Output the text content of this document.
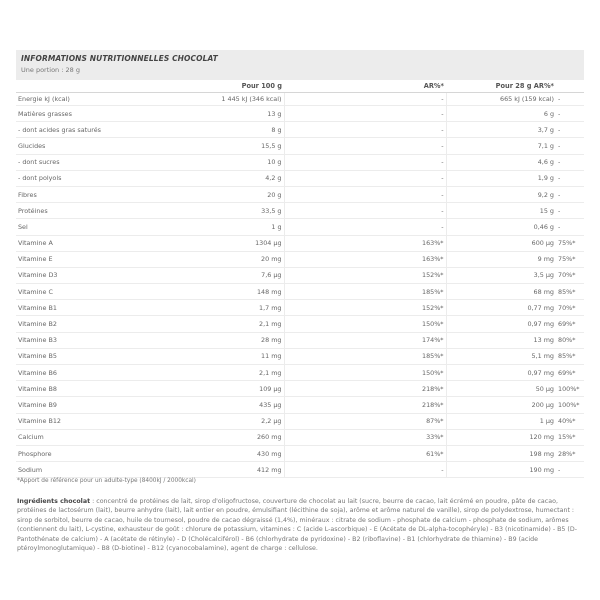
INFORMATIONS NUTRITIONNELLES CHOCOLAT
Une portion : 28 g
	Pour 100 g	AR%*	Pour 28 g AR%*	
Energie kJ (kcal)	1 445 kJ (346 kcal)	-	665 kJ (159 kcal)	-
Matières grasses	13 g	-	6 g	-
- dont acides gras saturés	8 g	-	3,7 g	-
Glucides	15,5 g	-	7,1 g	-
- dont sucres	10 g	-	4,6 g	-
- dont polyols	4,2 g	-	1,9 g	-
Fibres	20 g	-	9,2 g	-
Protéines	33,5 g	-	15 g	-
Sel	1 g	-	0,46 g	-
Vitamine A	1304 µg	163%*	600 µg	75%*
Vitamine E	20 mg	163%*	9 mg	75%*
Vitamine D3	7,6 µg	152%*	3,5 µg	70%*
Vitamine C	148 mg	185%*	68 mg	85%*
Vitamine B1	1,7 mg	152%*	0,77 mg	70%*
Vitamine B2	2,1 mg	150%*	0,97 mg	69%*
Vitamine B3	28 mg	174%*	13 mg	80%*
Vitamine B5	11 mg	185%*	5,1 mg	85%*
Vitamine B6	2,1 mg	150%*	0,97 mg	69%*
Vitamine B8	109 µg	218%*	50 µg	100%*
Vitamine B9	435 µg	218%*	200 µg	100%*
Vitamine B12	2,2 µg	87%*	1 µg	40%*
Calcium	260 mg	33%*	120 mg	15%*
Phosphore	430 mg	61%*	198 mg	28%*
Sodium	412 mg	-	190 mg	-
*Apport de référence pour un adulte-type (8400kJ / 2000kcal)
Ingrédients chocolat : concentré de protéines de lait, sirop d'oligofructose, couverture de chocolat au lait (sucre, beurre de cacao, lait écrémé en poudre, pâte de cacao, protéines de lactosérum (lait), beurre anhydre (lait), lait entier en poudre, émulsifiant (lécithine de soja), arôme et arôme naturel de vanille), sirop de polydextrose, humectant : sirop de sorbitol, beurre de cacao, huile de tournesol, poudre de cacao dégraissé (1,4%), minéraux : citrate de sodium - phosphate de calcium - phosphate de sodium, arômes (contiennent du lait), L-cystine, exhausteur de goût : chlorure de potassium, vitamines : C (acide L-ascorbique) - E (Acétate de DL-alpha-tocophéryle) - B3 (nicotinamide) - B5 (D-Pantothénate de calcium) - A (acétate de rétinyle) - D (Cholécalciférol) - B6 (chlorhydrate de pyridoxine) - B2 (riboflavine) - B1 (chlorhydrate de thiamine) - B9 (acide ptéroylmonoglutamique) - B8 (D-biotine) - B12 (cyanocobalamine), agent de charge : cellulose.
